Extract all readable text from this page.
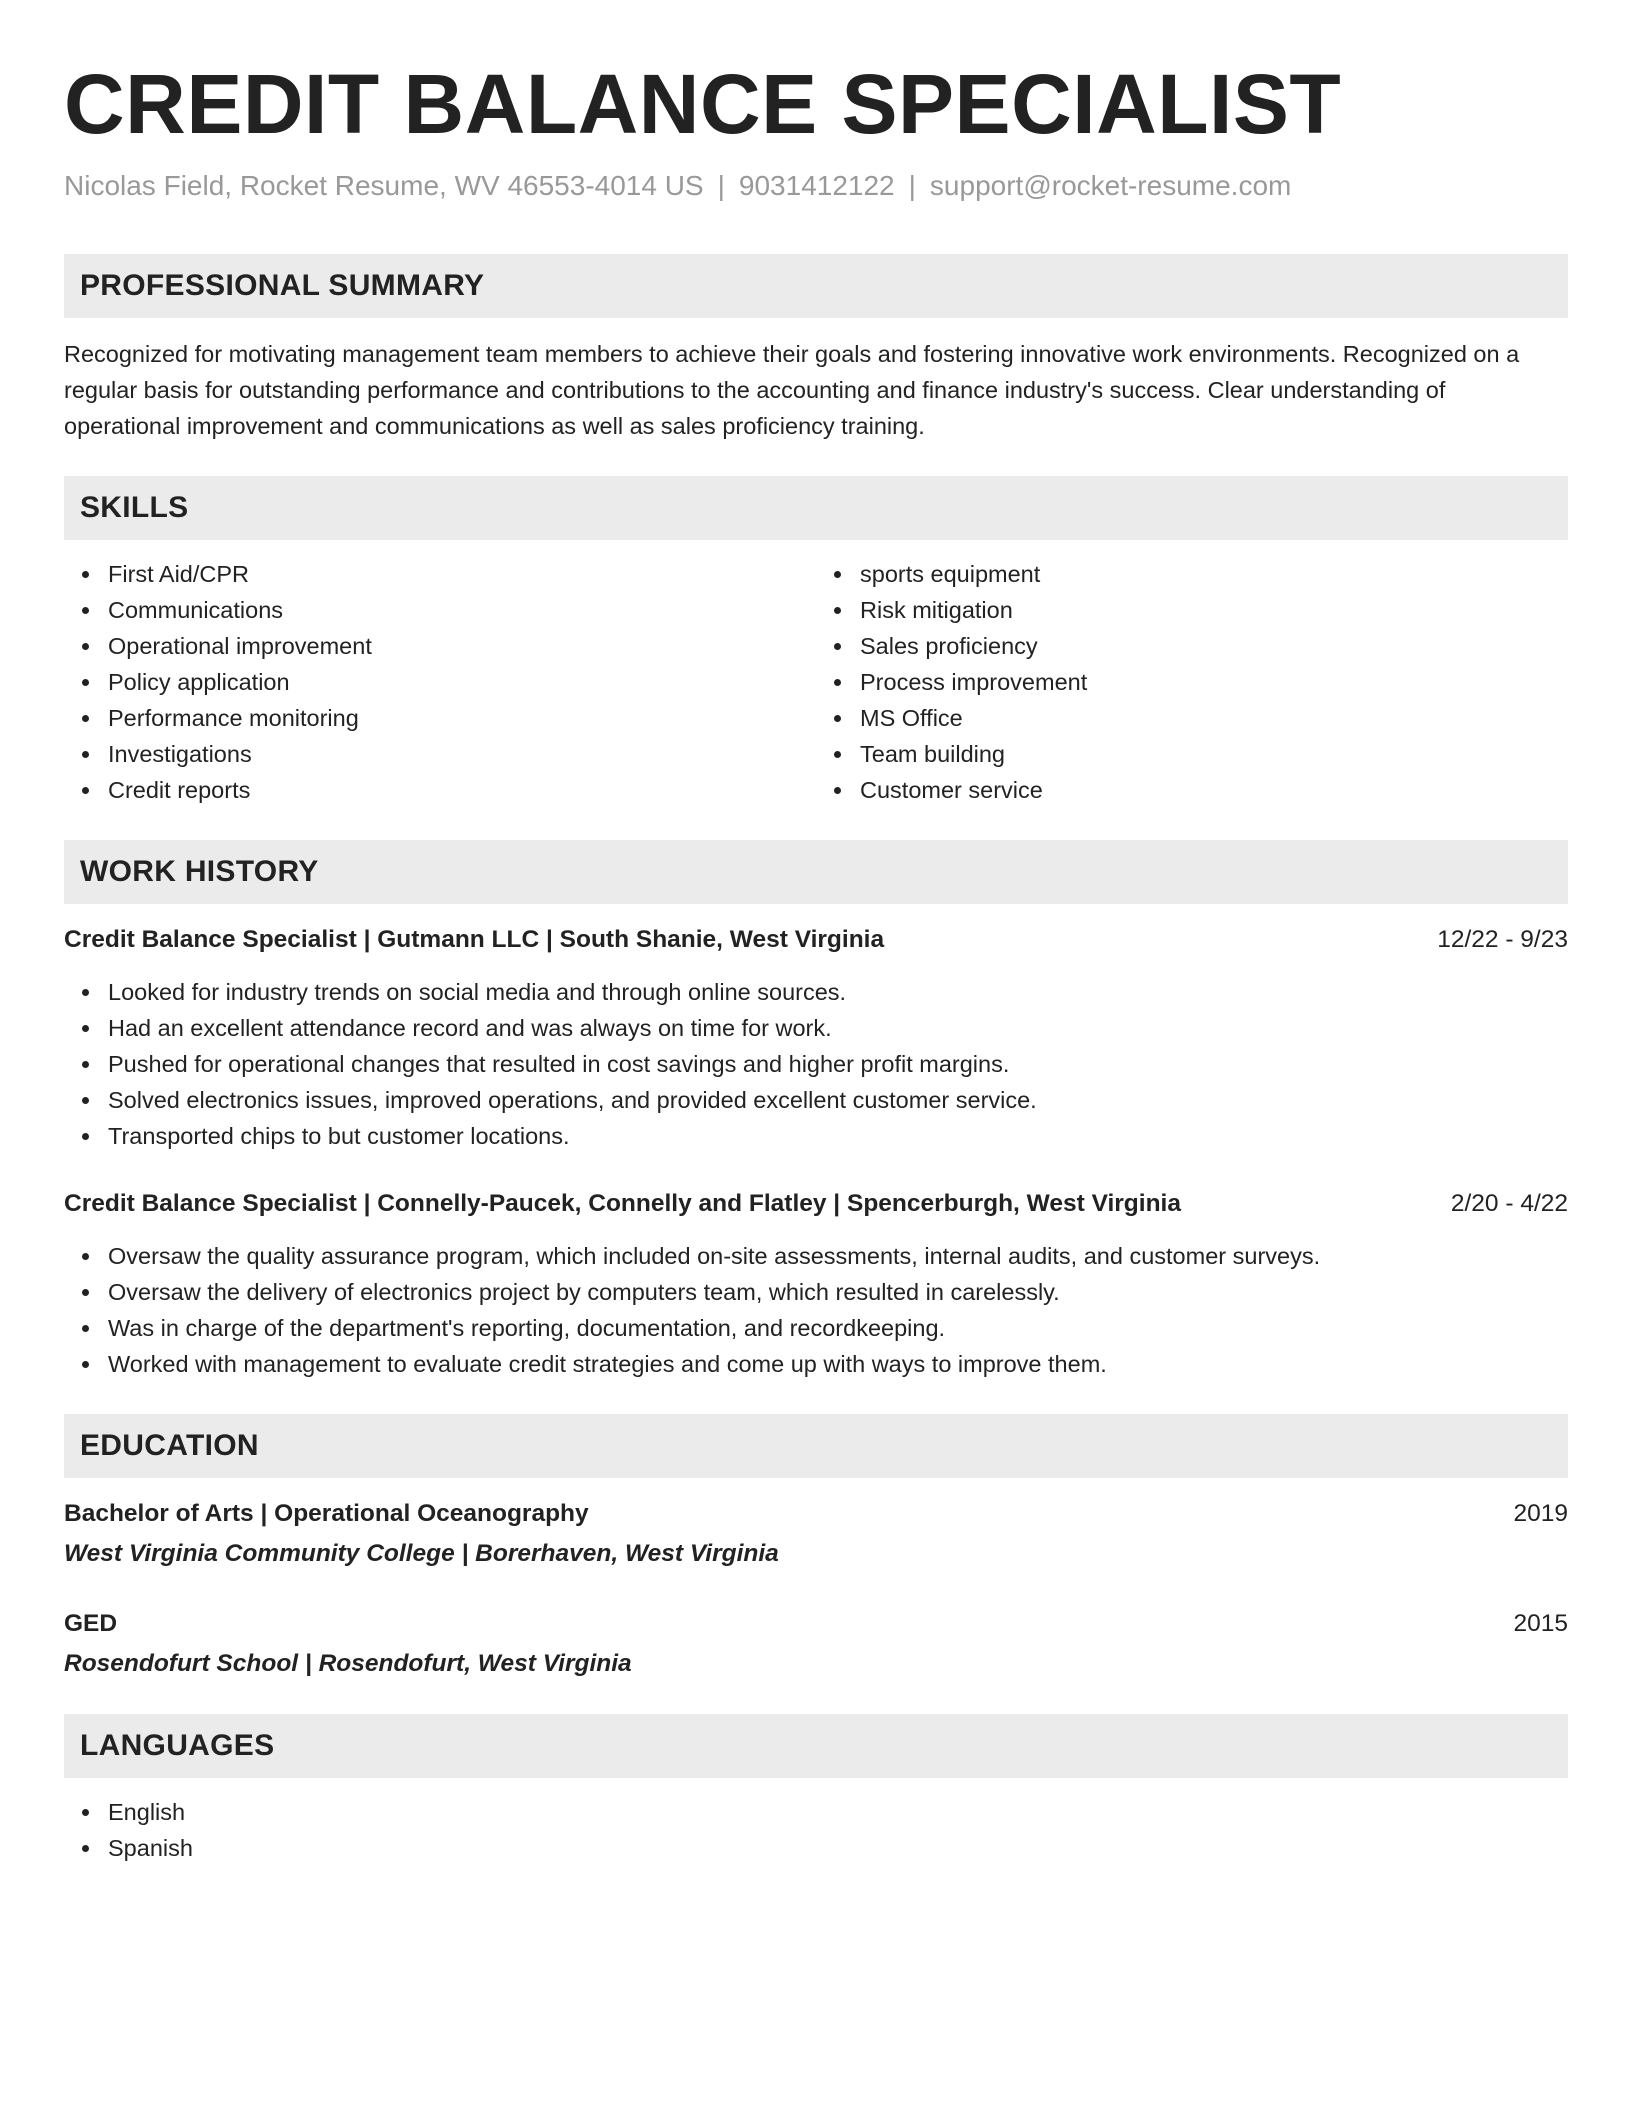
CREDIT BALANCE SPECIALIST
Nicolas Field, Rocket Resume, WV 46553-4014 US | 9031412122 | support@rocket-resume.com
PROFESSIONAL SUMMARY
Recognized for motivating management team members to achieve their goals and fostering innovative work environments. Recognized on a regular basis for outstanding performance and contributions to the accounting and finance industry's success. Clear understanding of operational improvement and communications as well as sales proficiency training.
SKILLS
First Aid/CPR
Communications
Operational improvement
Policy application
Performance monitoring
Investigations
Credit reports
sports equipment
Risk mitigation
Sales proficiency
Process improvement
MS Office
Team building
Customer service
WORK HISTORY
Credit Balance Specialist | Gutmann LLC | South Shanie, West Virginia	12/22 - 9/23
Looked for industry trends on social media and through online sources.
Had an excellent attendance record and was always on time for work.
Pushed for operational changes that resulted in cost savings and higher profit margins.
Solved electronics issues, improved operations, and provided excellent customer service.
Transported chips to but customer locations.
Credit Balance Specialist | Connelly-Paucek, Connelly and Flatley | Spencerburgh, West Virginia	2/20 - 4/22
Oversaw the quality assurance program, which included on-site assessments, internal audits, and customer surveys.
Oversaw the delivery of electronics project by computers team, which resulted in carelessly.
Was in charge of the department's reporting, documentation, and recordkeeping.
Worked with management to evaluate credit strategies and come up with ways to improve them.
EDUCATION
Bachelor of Arts | Operational Oceanography	2019
West Virginia Community College | Borerhaven, West Virginia
GED	2015
Rosendofurt School | Rosendofurt, West Virginia
LANGUAGES
English
Spanish
